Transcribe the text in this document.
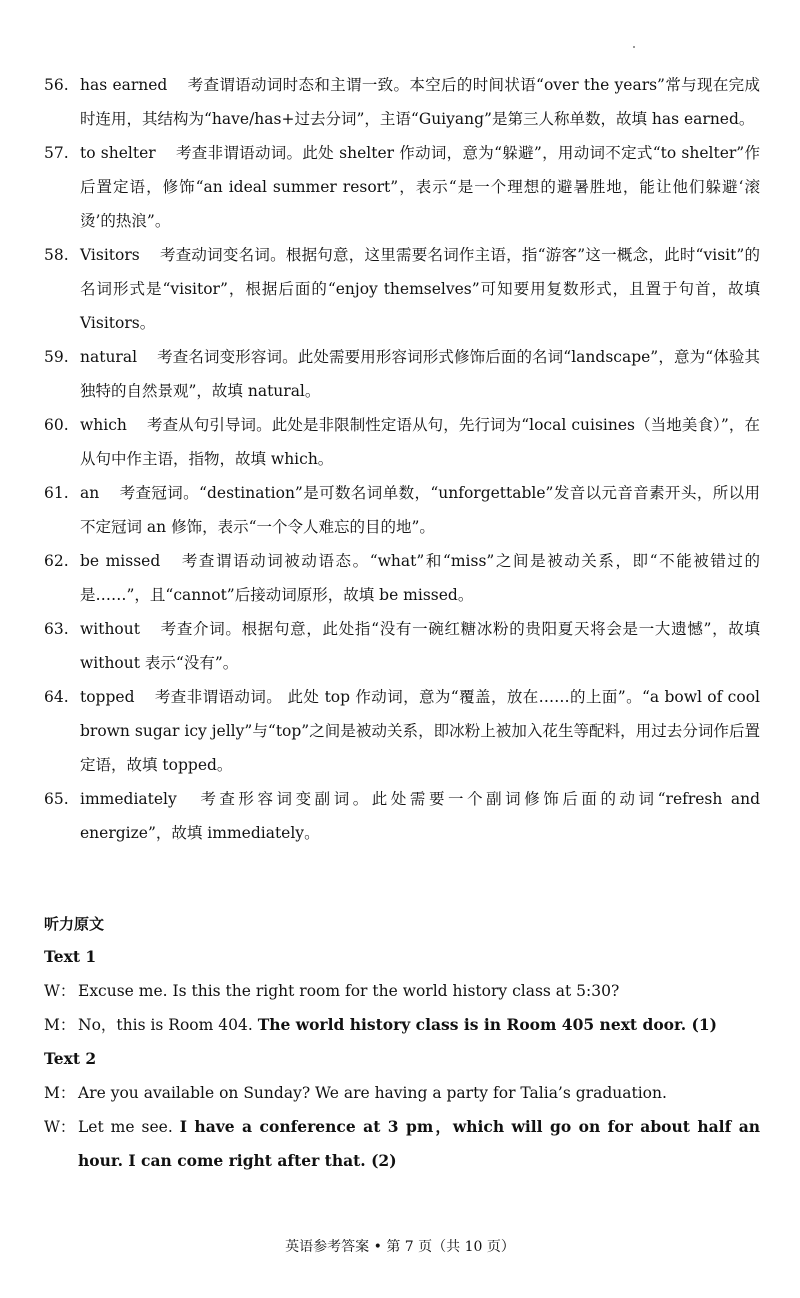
56. has earned 考查谓语动词时态和主谓一致。本空后的时间状语“over the years”常与现在完成时连用，其结构为“have/has+过去分词”，主语“Guiyang”是第三人称单数，故填 has earned。
57. to shelter 考查非谓语动词。此处 shelter 作动词，意为“躲避”，用动词不定式“to shelter”作后置定语，修饰“an ideal summer resort”，表示“是一个理想的避暑胜地，能让他们躲避‘滚烫’的热浪”。
58. Visitors 考查动词变名词。根据句意，这里需要名词作主语，指“游客”这一概念，此时“visit”的名词形式是“visitor”，根据后面的“enjoy themselves”可知要用复数形式，且置于句首，故填 Visitors。
59. natural 考查名词变形容词。此处需要用形容词形式修饰后面的名词“landscape”，意为“体验其独特的自然景观”，故填 natural。
60. which 考查从句引导词。此处是非限制性定语从句，先行词为“local cuisines（当地美食）”，在从句中作主语，指物，故填 which。
61. an 考查冠词。“destination”是可数名词单数，“unforgettable”发音以元音音素开头，所以用不定冠词 an 修饰，表示“一个令人难忘的目的地”。
62. be missed 考查谓语动词被动语态。“what”和“miss”之间是被动关系，即“不能被错过的是……”，且“cannot”后接动词原形，故填 be missed。
63. without 考查介词。根据句意，此处指“没有一碗红糖冰粉的贵阳夏天将会是一大遗憾”，故填 without 表示“没有”。
64. topped 考查非谓语动词。 此处 top 作动词，意为“覆盖，放在……的上面”。“a bowl of cool brown sugar icy jelly”与“top”之间是被动关系，即冰粉上被加入花生等配料，用过去分词作后置定语，故填 topped。
65. immediately 考查形容词变副词。此处需要一个副词修饰后面的动词“refresh and energize”，故填 immediately。
听力原文
Text 1
W： Excuse me. Is this the right room for the world history class at 5:30?
M： No，this is Room 404. The world history class is in Room 405 next door. (1)
Text 2
M： Are you available on Sunday? We are having a party for Talia’s graduation.
W： Let me see. I have a conference at 3 pm，which will go on for about half an hour. I can come right after that. (2)
英语参考答案 • 第 7 页（共 10 页）
